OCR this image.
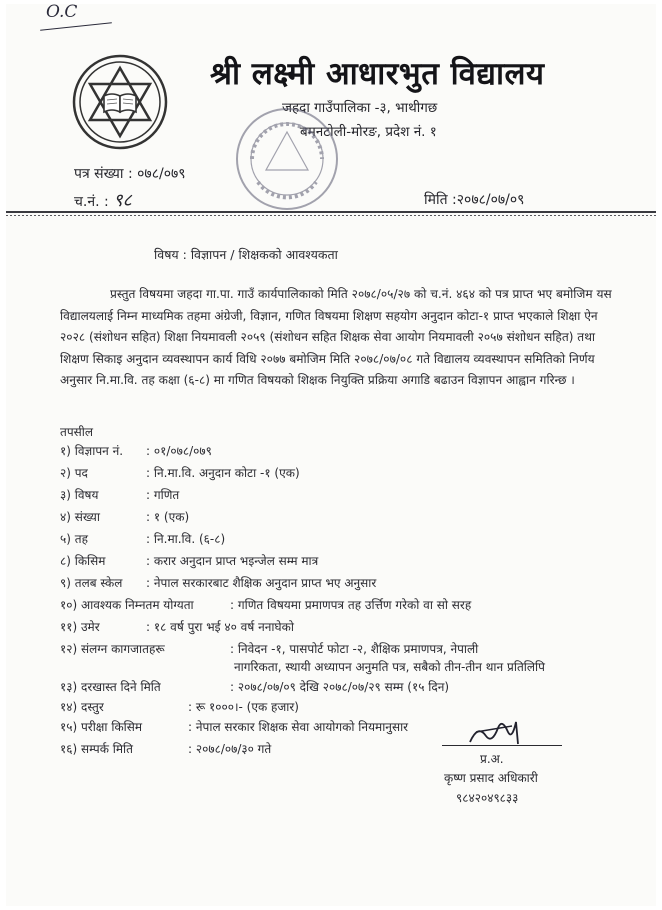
O.C
श्री लक्ष्मी आधारभुत विद्यालय
जहदा गाउँपालिका -३, भाथीगछ
बमनटोली-मोरङ, प्रदेश नं. १
पत्र संख्या : ०७८/०७९
च.नं. : ९८	मिति :२०७८/०७/०९
विषय : विज्ञापन / शिक्षकको आवश्यकता
प्रस्तुत विषयमा जहदा गा.पा. गाउँ कार्यपालिकाको मिति २०७८/०५/२७ को च.नं. ४६४ को पत्र प्राप्त भए बमोजिम यस विद्यालयलाई निम्न माध्यमिक तहमा अंग्रेजी, विज्ञान, गणित विषयमा शिक्षण सहयोग अनुदान कोटा-१ प्राप्त भएकाले शिक्षा ऐन २०२८ (संशोधन सहित) शिक्षा नियमावली २०५९ (संशोधन सहित शिक्षक सेवा आयोग नियमावली २०५७ संशोधन सहित) तथा शिक्षण सिकाइ अनुदान व्यवस्थापन कार्य विधि २०७७ बमोजिम मिति २०७८/०७/०८ गते विद्यालय व्यवस्थापन समितिको निर्णय अनुसार नि.मा.वि. तह कक्षा (६-८) मा गणित विषयको शिक्षक नियुक्ति प्रक्रिया अगाडि बढाउन विज्ञापन आह्वान गरिन्छ ।
तपसील
१) विज्ञापन नं. : ०१/०७८/०७९
२) पद	: नि.मा.वि. अनुदान कोटा -१ (एक)
३) विषय	: गणित
४) संख्या	: १ (एक)
५) तह	: नि.मा.वि. (६-८)
८) किसिम	: करार अनुदान प्राप्त भइन्जेल सम्म मात्र
९) तलब स्केल : नेपाल सरकारबाट शैक्षिक अनुदान प्राप्त भए अनुसार
१०) आवश्यक निम्नतम योग्यता	: गणित विषयमा प्रमाणपत्र तह उर्त्तिण गरेको वा सो सरह
११) उमेर	: १८ वर्ष पुरा भई ४० वर्ष ननाघेको
१२) संलग्न कागजातहरू	: निवेदन -१, पासपोर्ट फोटा -२, शैक्षिक प्रमाणपत्र, नेपाली
नागरिकता, स्थायी अध्यापन अनुमति पत्र, सबैको तीन-तीन थान प्रतिलिपि
१३) दरखास्त दिने मिति	: २०७८/०७/०९ देखि २०७८/०७/२९ सम्म (१५ दिन)
१४) दस्तुर	: रू १०००।- (एक हजार)
१५) परीक्षा किसिम	: नेपाल सरकार शिक्षक सेवा आयोगको नियमानुसार
१६) सम्पर्क मिति	: २०७८/०७/३० गते
प्र.अ.
कृष्ण प्रसाद अधिकारी
९८४२०४९८३३
